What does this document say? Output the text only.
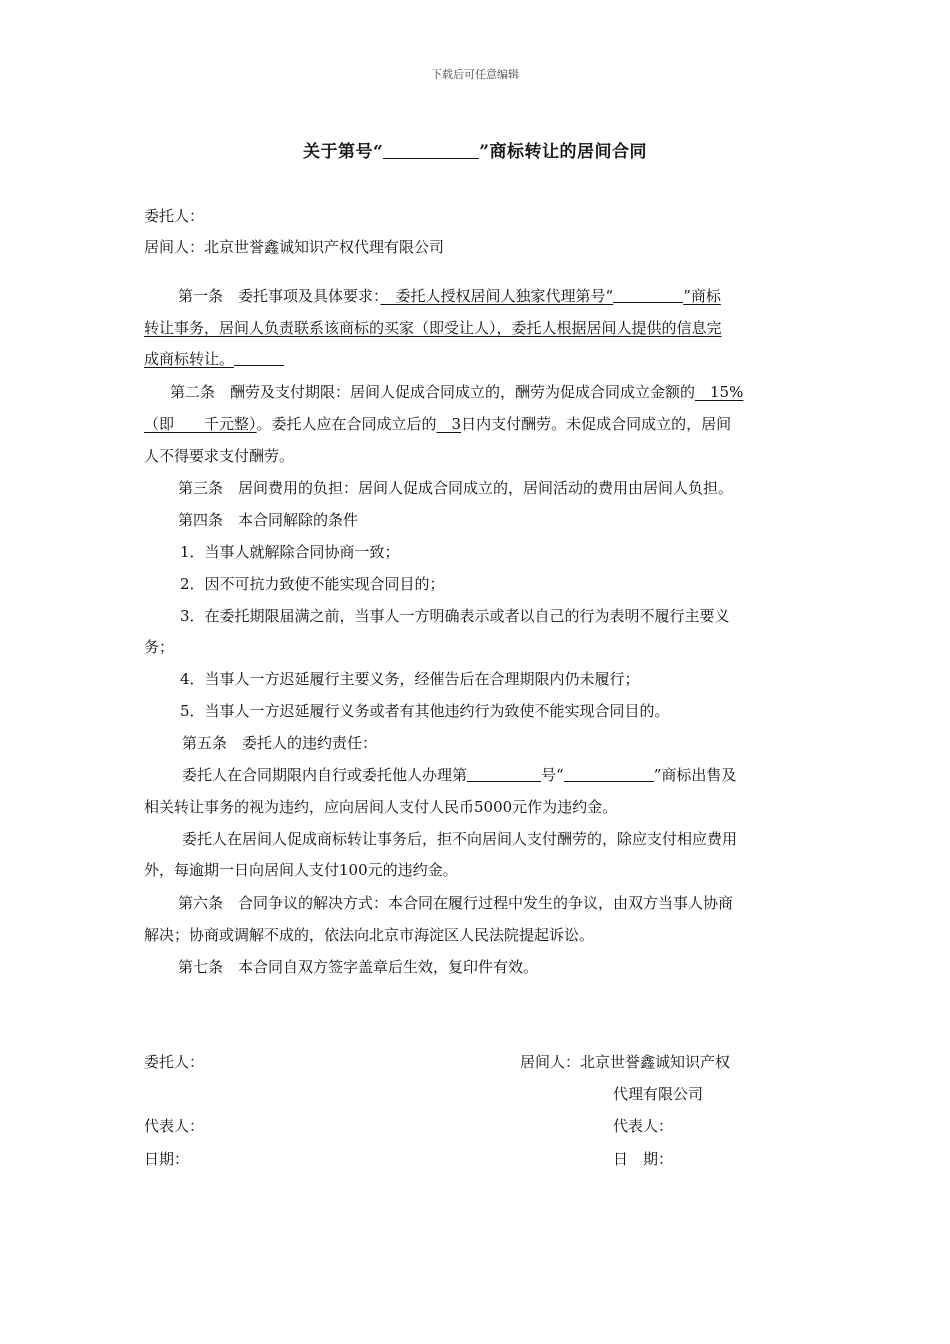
下载后可任意编辑
关于第号“	”商标转让的居间合同
委托人：
居间人：北京世誉鑫诚知识产权代理有限公司
第一条　委托事项及具体要求：　委托人授权居间人独家代理第号“	”商标
转让事务，居间人负责联系该商标的买家（即受让人），委托人根据居间人提供的信息完
成商标转让。
第二条　酬劳及支付期限：居间人促成合同成立的，酬劳为促成合同成立金额的　15%
（即　　千元整）。委托人应在合同成立后的　3日内支付酬劳。未促成合同成立的，居间
人不得要求支付酬劳。
第三条　居间费用的负担：居间人促成合同成立的，居间活动的费用由居间人负担。
第四条　本合同解除的条件
1．当事人就解除合同协商一致；
2．因不可抗力致使不能实现合同目的；
3．在委托期限届满之前，当事人一方明确表示或者以自己的行为表明不履行主要义
务；
4．当事人一方迟延履行主要义务，经催告后在合理期限内仍未履行；
5．当事人一方迟延履行义务或者有其他违约行为致使不能实现合同目的。
第五条　委托人的违约责任：
委托人在合同期限内自行或委托他人办理第	号“	”商标出售及
相关转让事务的视为违约，应向居间人支付人民币5000元作为违约金。
委托人在居间人促成商标转让事务后，拒不向居间人支付酬劳的，除应支付相应费用
外，每逾期一日向居间人支付100元的违约金。
第六条　合同争议的解决方式：本合同在履行过程中发生的争议，由双方当事人协商
解决；协商或调解不成的，依法向北京市海淀区人民法院提起诉讼。
第七条　本合同自双方签字盖章后生效，复印件有效。
委托人：	居间人：北京世誉鑫诚知识产权
代理有限公司
代表人：	代表人：
日期：	日　期：
